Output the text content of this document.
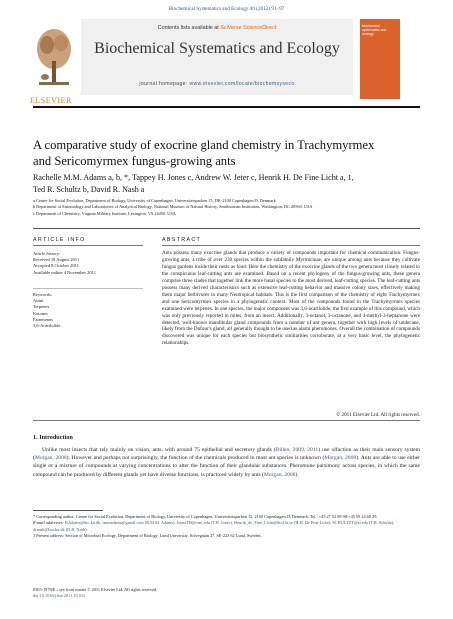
Biochemical Systematics and Ecology 40 (2012) 91–97
Contents lists available at SciVerse ScienceDirect
Biochemical Systematics and Ecology
journal homepage: www.elsevier.com/locate/biochemsyseco
ELSEVIER
biochemical systematics and ecology
A comparative study of exocrine gland chemistry in Trachymyrmex
and Sericomyrmex fungus-growing ants
Rachelle M.M. Adams a, b, *, Tappey H. Jones c, Andrew W. Jeter c, Henrik H. De Fine Licht a, 1,
Ted R. Schultz b, David R. Nash a
a Centre for Social Evolution, Department of Biology, University of Copenhagen, Universitetsparken 15, DK-2100 Copenhagen Ø, Denmark
b Department of Entomology and Laboratories of Analytical Biology, National Museum of Natural History, Smithsonian Institution, Washington, DC 20560, USA
c Department of Chemistry, Virginia Military Institute, Lexington, VA 24450, USA
ARTICLE INFO	ABSTRACT
Article history:
Received 18 August 2011
Accepted 8 October 2011
Available online 4 November 2011
Keywords:
Attini
Terpenes
Ketones
Farnesenes
3,6-Acarilolide
Ants possess many exocrine glands that produce a variety of compounds important for chemical communication. Fungus-growing ants, a tribe of over 230 species within the subfamily Myrmicinae, are unique among ants because they cultivate fungus gardens inside their nests as food. Here the chemistry of the exocrine glands of the two genera most closely related to the conspicuous leaf-cutting ants are examined. Based on a recent phylogeny of the fungus-growing ants, these genera comprise three clades that together link the more basal species to the most derived, leaf-cutting species. The leaf-cutting ants possess many derived characteristics such as extensive leaf-cutting behavior and massive colony sizes, effectively making them major herbivores in many Neotropical habitats. This is the first comparison of the chemistry of eight Trachymyrmex and one Sericomyrmex species in a phylogenetic context. Most of the compounds found in the Trachymyrmex species examined were terpenes. In one species, the major component was 3,6-acarilolide, the first example of this compound, which was only previously reported in mites, from an insect. Additionally, 3-octanol, 3-octanone, and 4-methyl-3-heptanone were detected, well-known mandibular gland compounds from a number of ant genera, together with high levels of undecane, likely from the Dufour's gland, all generally thought to be used as alarm pheromones. Overall the combination of compounds discovered was unique for each species but biosynthetic similarities corroborate, at a very basic level, the phylogenetic relationships.
© 2011 Elsevier Ltd. All rights reserved.
1. Introduction
Unlike most insects that rely mainly on vision, ants, with around 75 epithelial and secretory glands (Billen, 2009, 2011) use olfaction as their main sensory system (Morgan, 2008). However and perhaps not surprisingly, the function of the chemicals produced in most ant species is unknown (Morgan, 2008). Ants are able to use either single or a mixture of compounds at varying concentrations to alter the function of their glandular substances. Pheromone parsimony across species, in which the same compound can be produced by different glands yet have diverse functions, is practiced widely by ants (Morgan, 2008).
* Corresponding author. Centre for Social Evolution, Department of Biology, University of Copenhagen, Universitetsparken 15, 2100 Copenhagen Ø, Denmark. Tel.: +45 27 52 89 98/+45 59 14 68 29.
E-mail addresses: RAdams@bio.ku.dk, rmmadams@gmail.com (R.M.M. Adams), JonesTH@vmi.edu (T.H. Jones), Henrik_de_Fine_Licht@biol.lu.se (H.H. De Fine Licht), SCHULTZT@si.edu (T.R. Schultz), drnash@bio.ku.dk (D.R. Nash).
1 Present address: Section of Microbial Ecology, Department of Biology, Lund University, Solvegatan 37, SE-223 62 Lund, Sweden.
0305-1978/$ – see front matter © 2011 Elsevier Ltd. All rights reserved.
doi:10.1016/j.bse.2011.10.011
